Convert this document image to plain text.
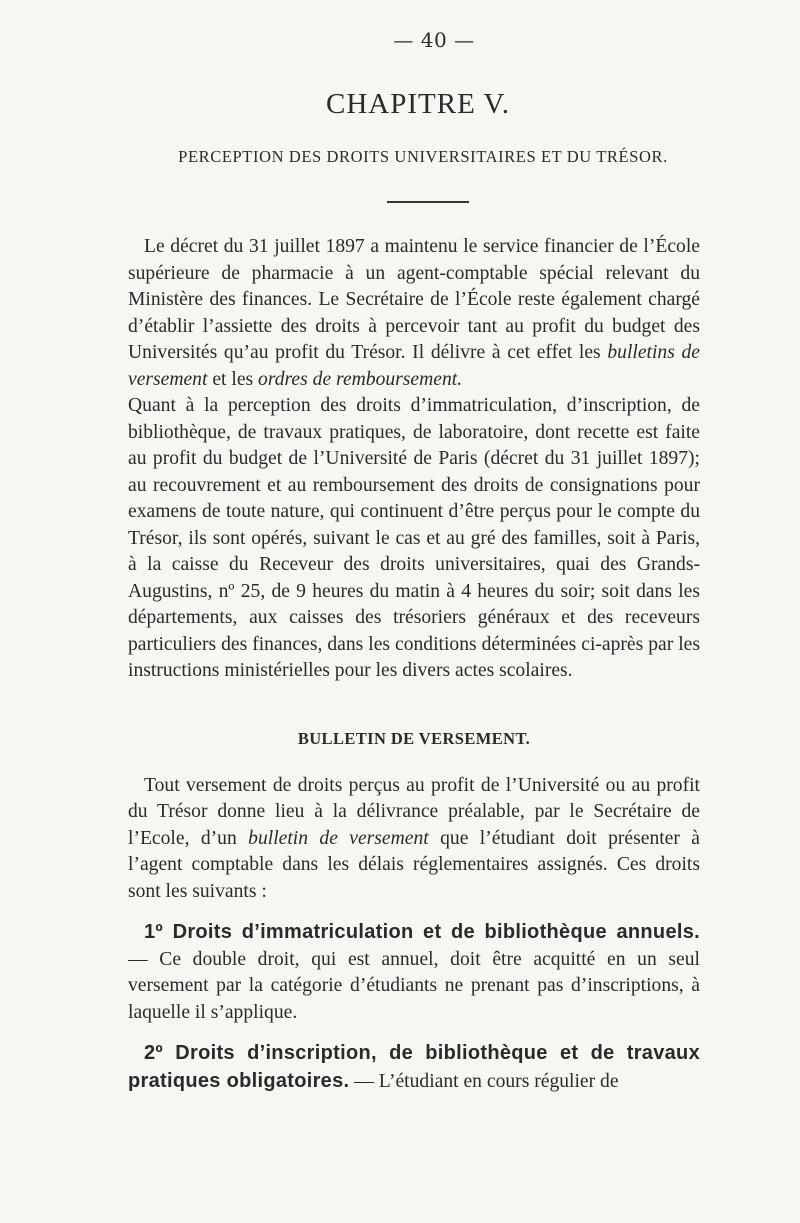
— 40 —
CHAPITRE V.
PERCEPTION DES DROITS UNIVERSITAIRES ET DU TRÉSOR.

Le décret du 31 juillet 1897 a maintenu le service financier de l’École supérieure de pharmacie à un agent-comptable spécial relevant du Ministère des finances. Le Secrétaire de l’École reste également chargé d’établir l’assiette des droits à percevoir tant au profit du budget des Universités qu’au profit du Trésor. Il délivre à cet effet les bulletins de versement et les ordres de remboursement.

Quant à la perception des droits d’immatriculation, d’inscription, de bibliothèque, de travaux pratiques, de laboratoire, dont recette est faite au profit du budget de l’Université de Paris (décret du 31 juillet 1897); au recouvrement et au remboursement des droits de consignations pour examens de toute nature, qui continuent d’être perçus pour le compte du Trésor, ils sont opérés, suivant le cas et au gré des familles, soit à Paris, à la caisse du Receveur des droits universitaires, quai des Grands-Augustins, nº 25, de 9 heures du matin à 4 heures du soir; soit dans les départements, aux caisses des trésoriers généraux et des receveurs particuliers des finances, dans les conditions déterminées ci-après par les instructions ministérielles pour les divers actes scolaires.

BULLETIN DE VERSEMENT.

Tout versement de droits perçus au profit de l’Université ou au profit du Trésor donne lieu à la délivrance préalable, par le Secrétaire de l’Ecole, d’un bulletin de versement que l’étudiant doit présenter à l’agent comptable dans les délais réglementaires assignés. Ces droits sont les suivants :

1º Droits d’immatriculation et de bibliothèque annuels. — Ce double droit, qui est annuel, doit être acquitté en un seul versement par la catégorie d’étudiants ne prenant pas d’inscriptions, à laquelle il s’applique.

2º Droits d’inscription, de bibliothèque et de travaux pratiques obligatoires. — L’étudiant en cours régulier de
